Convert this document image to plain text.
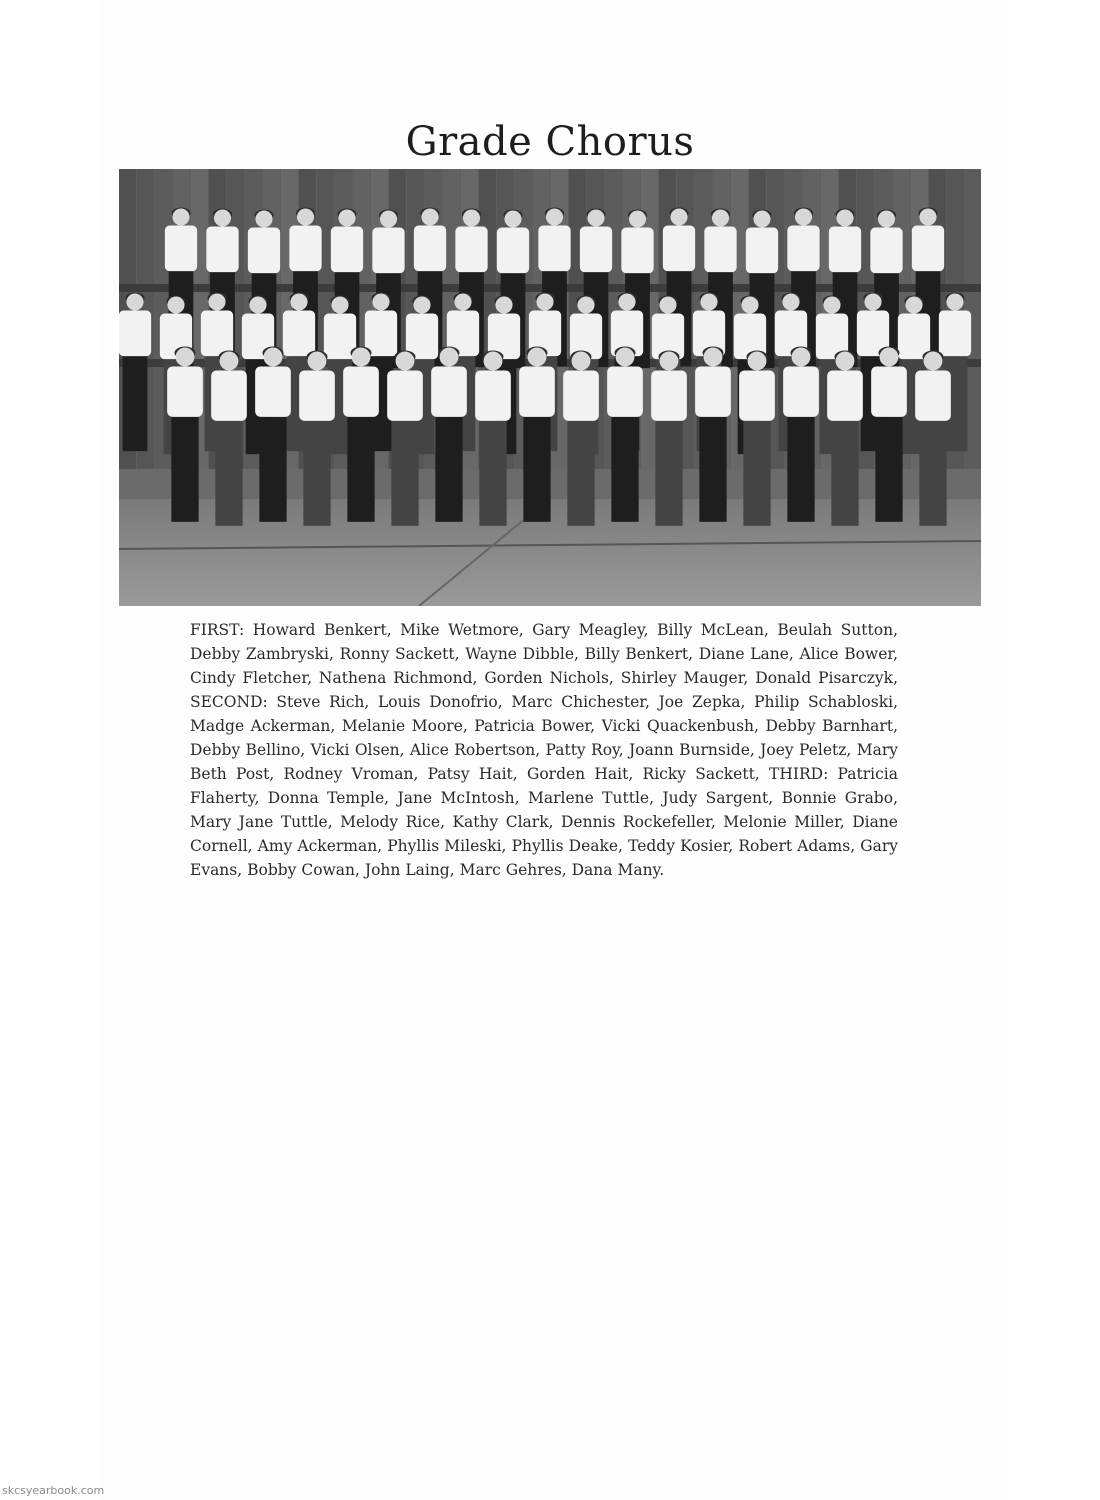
Grade Chorus

FIRST: Howard Benkert, Mike Wetmore, Gary Meagley, Billy McLean, Beulah Sutton, Debby Zambryski, Ronny Sackett, Wayne Dibble, Billy Benkert, Diane Lane, Alice Bower, Cindy Fletcher, Nathena Richmond, Gorden Nichols, Shirley Mauger, Donald Pisarczyk, SECOND: Steve Rich, Louis Donofrio, Marc Chichester, Joe Zepka, Philip Schabloski, Madge Ackerman, Melanie Moore, Patricia Bower, Vicki Quackenbush, Debby Barnhart, Debby Bellino, Vicki Olsen, Alice Robertson, Patty Roy, Joann Burnside, Joey Peletz, Mary Beth Post, Rodney Vroman, Patsy Hait, Gorden Hait, Ricky Sackett, THIRD: Patricia Flaherty, Donna Temple, Jane McIntosh, Marlene Tuttle, Judy Sargent, Bonnie Grabo, Mary Jane Tuttle, Melody Rice, Kathy Clark, Dennis Rockefeller, Melonie Miller, Diane Cornell, Amy Ackerman, Phyllis Mileski, Phyllis Deake, Teddy Kosier, Robert Adams, Gary Evans, Bobby Cowan, John Laing, Marc Gehres, Dana Many.

skcsyearbook.com
